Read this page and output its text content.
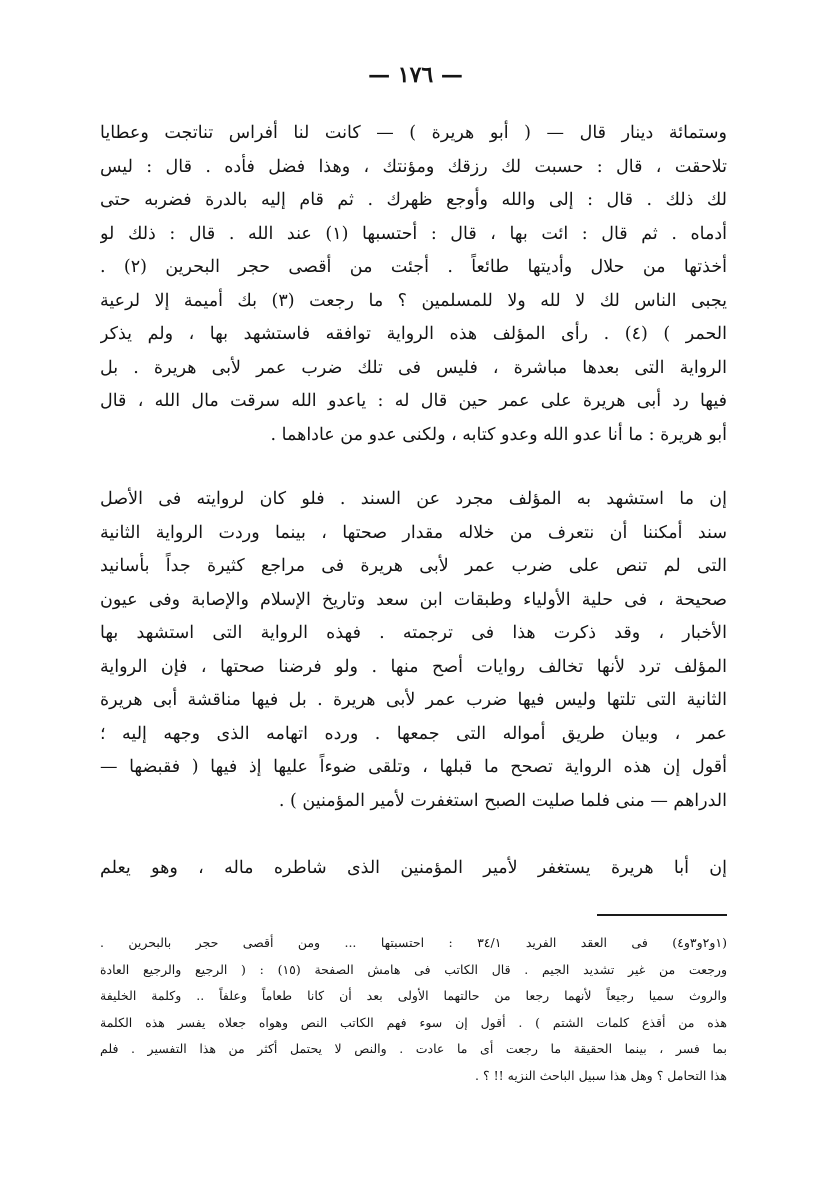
— ١٧٦ —
وستمائة دينار قال — ( أبو هريرة ) — كانت لنا أفراس تناتجت وعطايا
تلاحقت ، قال : حسبت لك رزقك ومؤنتك ، وهذا فضل فأده . قال : ليس
لك ذلك . قال : إلى والله وأوجع ظهرك . ثم قام إليه بالدرة فضربه حتى
أدماه . ثم قال : ائت بها ، قال : أحتسبها (١) عند الله . قال : ذلك لو
أخذتها من حلال وأديتها طائعاً . أجئت من أقصى حجر البحرين (٢) .
يجبى الناس لك لا لله ولا للمسلمين ؟ ما رجعت (٣) بك أميمة إلا لرعية
الحمر ) (٤) . رأى المؤلف هذه الرواية توافقه فاستشهد بها ، ولم يذكر
الرواية التى بعدها مباشرة ، فليس فى تلك ضرب عمر لأبى هريرة . بل
فيها رد أبى هريرة على عمر حين قال له : ياعدو الله سرقت مال الله ، قال
أبو هريرة : ما أنا عدو الله وعدو كتابه ، ولكنى عدو من عاداهما .
إن ما استشهد به المؤلف مجرد عن السند . فلو كان لروايته فى الأصل
سند أمكننا أن نتعرف من خلاله مقدار صحتها ، بينما وردت الرواية الثانية
التى لم تنص على ضرب عمر لأبى هريرة فى مراجع كثيرة جداً بأسانيد
صحيحة ، فى حلية الأولياء وطبقات ابن سعد وتاريخ الإسلام والإصابة وفى عيون
الأخبار ، وقد ذكرت هذا فى ترجمته . فهذه الرواية التى استشهد بها
المؤلف ترد لأنها تخالف روايات أصح منها . ولو فرضنا صحتها ، فإن الرواية
الثانية التى تلتها وليس فيها ضرب عمر لأبى هريرة . بل فيها مناقشة أبى هريرة
عمر ، وبيان طريق أمواله التى جمعها . ورده اتهامه الذى وجهه إليه ؛
أقول إن هذه الرواية تصحح ما قبلها ، وتلقى ضوءاً عليها إذ فيها ( فقبضها —
الدراهم — منى فلما صليت الصبح استغفرت لأمير المؤمنين ) .
إن أبا هريرة يستغفر لأمير المؤمنين الذى شاطره ماله ، وهو يعلم
(١و٢و٣و٤) فى العقد الفريد ٣٤/١ : احتسبتها ... ومن أقصى حجر بالبحرين .
ورجعت من غير تشديد الجيم . قال الكاتب فى هامش الصفحة (١٥) : ( الرجيع والرجيع العادة
والروث سميا رجيعاً لأنهما رجعا من حالتهما الأولى بعد أن كانا طعاماً وعلفاً .. وكلمة الخليفة
هذه من أقذع كلمات الشتم ) . أقول إن سوء فهم الكاتب النص وهواه جعلاه يفسر هذه الكلمة
بما فسر ، بينما الحقيقة ما رجعت أى ما عادت . والنص لا يحتمل أكثر من هذا التفسير . فلم
هذا التحامل ؟ وهل هذا سبيل الباحث النزيه !! ؟ .
